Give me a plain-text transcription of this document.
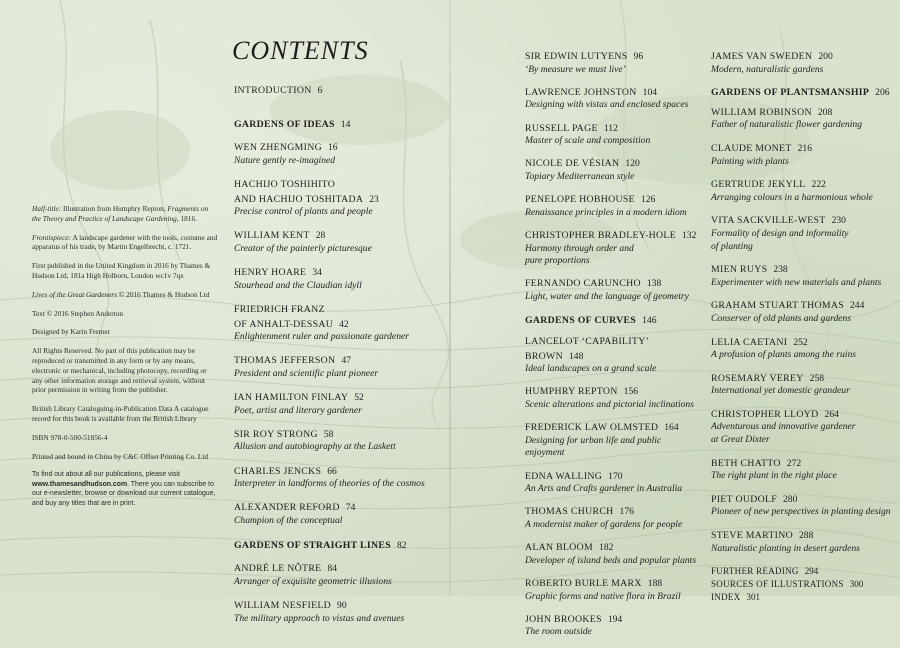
Half-title: Illustration from Humphry Repton, Fragments on the Theory and Practice of Landscape Gardening, 1816.

Frontispiece: A landscape gardener with the tools, costume and apparatus of his trade, by Martin Engelbrecht, c. 1721.

First published in the United Kingdom in 2016 by Thames & Hudson Ltd, 181a High Holborn, London wc1v 7qx

Lives of the Great Gardeners © 2016 Thames & Hudson Ltd

Text © 2016 Stephen Anderton

Designed by Karin Fremer

All Rights Reserved. No part of this publication may be reproduced or transmitted in any form or by any means, electronic or mechanical, including photocopy, recording or any other information storage and retrieval system, without prior permission in writing from the publisher.

British Library Cataloguing-in-Publication Data A catalogue record for this book is available from the British Library

ISBN 978-0-500-51856-4

Printed and bound in China by C&C Offset Printing Co. Ltd

To find out about all our publications, please visit
www.thamesandhudson.com. There you can subscribe to our e-newsletter, browse or download our current catalogue, and buy any titles that are in print.

CONTENTS
INTRODUCTION 6
GARDENS OF IDEAS 14
WEN ZHENGMING 16
Nature gently re-imagined
HACHIJO TOSHIHITO
AND HACHIJO TOSHITADA 23
Precise control of plants and people
WILLIAM KENT 28
Creator of the painterly picturesque
HENRY HOARE 34
Stourhead and the Claudian idyll
FRIEDRICH FRANZ
OF ANHALT-DESSAU 42
Enlightenment ruler and passionate gardener
THOMAS JEFFERSON 47
President and scientific plant pioneer
IAN HAMILTON FINLAY 52
Poet, artist and literary gardener
SIR ROY STRONG 58
Allusion and autobiography at the Laskett
CHARLES JENCKS 66
Interpreter in landforms of theories of the cosmos
ALEXANDER REFORD 74
Champion of the conceptual
GARDENS OF STRAIGHT LINES 82
ANDRÉ LE NÔTRE 84
Arranger of exquisite geometric illusions
WILLIAM NESFIELD 90
The military approach to vistas and avenues
SIR EDWIN LUTYENS 96
‘By measure we must live’
LAWRENCE JOHNSTON 104
Designing with vistas and enclosed spaces
RUSSELL PAGE 112
Master of scale and composition
NICOLE DE VÉSIAN 120
Topiary Mediterranean style
PENELOPE HOBHOUSE 126
Renaissance principles in a modern idiom
CHRISTOPHER BRADLEY-HOLE 132
Harmony through order and
pure proportions
FERNANDO CARUNCHO 138
Light, water and the language of geometry
GARDENS OF CURVES 146
LANCELOT ‘CAPABILITY’ BROWN 148
Ideal landscapes on a grand scale
HUMPHRY REPTON 156
Scenic alterations and pictorial inclinations
FREDERICK LAW OLMSTED 164
Designing for urban life and public enjoyment
EDNA WALLING 170
An Arts and Crafts gardener in Australia
THOMAS CHURCH 176
A modernist maker of gardens for people
ALAN BLOOM 182
Developer of island beds and popular plants
ROBERTO BURLE MARX 188
Graphic forms and native flora in Brazil
JOHN BROOKES 194
The room outside
JAMES VAN SWEDEN 200
Modern, naturalistic gardens
GARDENS OF PLANTSMANSHIP 206
WILLIAM ROBINSON 208
Father of naturalistic flower gardening
CLAUDE MONET 216
Painting with plants
GERTRUDE JEKYLL 222
Arranging colours in a harmonious whole
VITA SACKVILLE-WEST 230
Formality of design and informality
of planting
MIEN RUYS 238
Experimenter with new materials and plants
GRAHAM STUART THOMAS 244
Conserver of old plants and gardens
LELIA CAETANI 252
A profusion of plants among the ruins
ROSEMARY VEREY 258
International yet domestic grandeur
CHRISTOPHER LLOYD 264
Adventurous and innovative gardener
at Great Dixter
BETH CHATTO 272
The right plant in the right place
PIET OUDOLF 280
Pioneer of new perspectives in planting design
STEVE MARTINO 288
Naturalistic planting in desert gardens
FURTHER READING 294
SOURCES OF ILLUSTRATIONS 300
INDEX 301
